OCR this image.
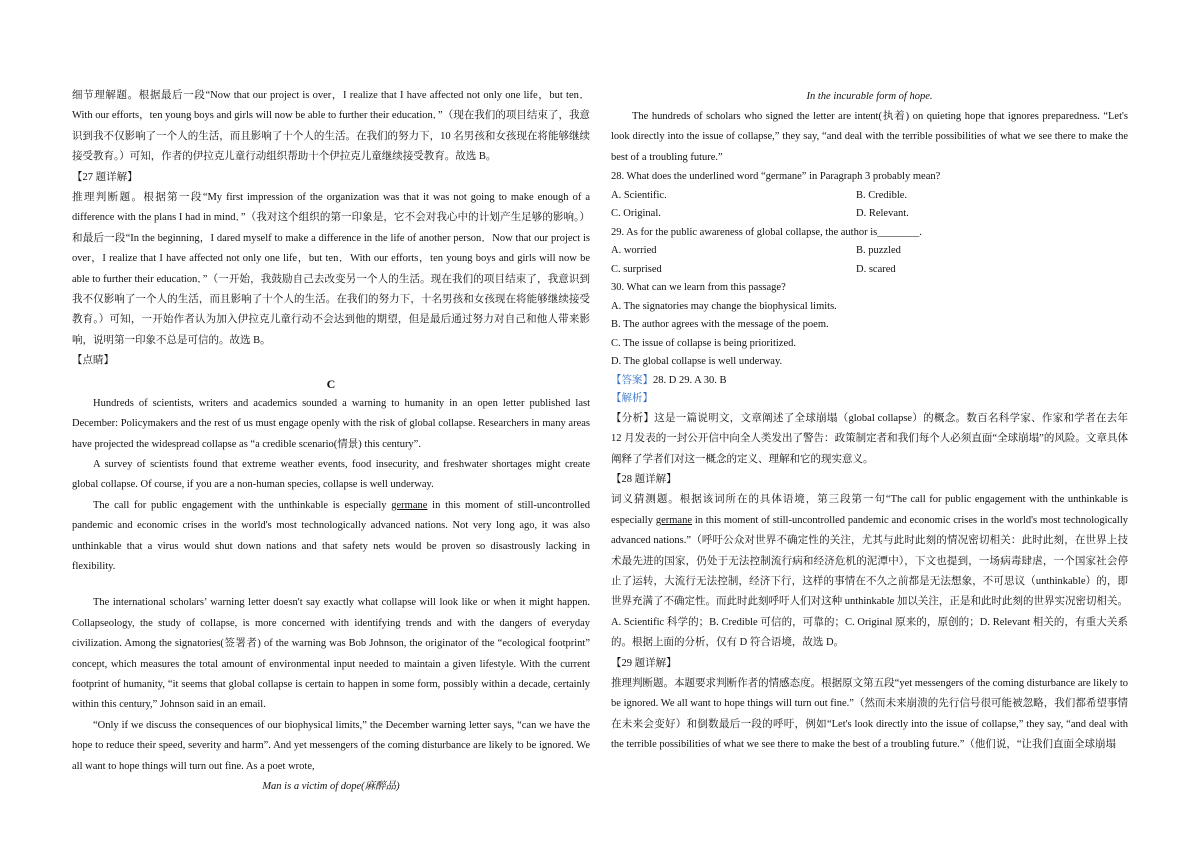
细节理解题。根据最后一段“Now that our project is over，I realize that I have affected not only one life，but ten．With our efforts，ten young boys and girls will now be able to further their education．”（现在我们的项目结束了，我意识到我不仅影响了一个人的生活，而且影响了十个人的生活。在我们的努力下，10 名男孩和女孩现在将能够继续接受教育。）可知，作者的伊拉克儿童行动组织帮助十个伊拉克儿童继续接受教育。故选 B。

【27 题详解】

推理判断题。根据第一段“My first impression of the organization was that it was not going to make enough of a difference with the plans I had in mind．”（我对这个组织的第一印象是，它不会对我心中的计划产生足够的影响。）和最后一段“In the beginning，I dared myself to make a difference in the life of another person．Now that our project is over，I realize that I have affected not only one life，but ten．With our efforts，ten young boys and girls will now be able to further their education．”（一开始，我鼓励自己去改变另一个人的生活。现在我们的项目结束了，我意识到我不仅影响了一个人的生活，而且影响了十个人的生活。在我们的努力下，十名男孩和女孩现在将能够继续接受教育。）可知，一开始作者认为加入伊拉克儿童行动不会达到他的期望，但是最后通过努力对自己和他人带来影响，说明第一印象不总是可信的。故选 B。

【点睛】

C

Hundreds of scientists, writers and academics sounded a warning to humanity in an open letter published last December: Policymakers and the rest of us must engage openly with the risk of global collapse. Researchers in many areas have projected the widespread collapse as “a credible scenario(情景) this century”.

A survey of scientists found that extreme weather events, food insecurity, and freshwater shortages might create global collapse. Of course, if you are a non-human species, collapse is well underway.

The call for public engagement with the unthinkable is especially germane in this moment of still-uncontrolled pandemic and economic crises in the world's most technologically advanced nations. Not very long ago, it was also unthinkable that a virus would shut down nations and that safety nets would be proven so disastrously lacking in flexibility.

The international scholars’ warning letter doesn't say exactly what collapse will look like or when it might happen. Collapseology, the study of collapse, is more concerned with identifying trends and with the dangers of everyday civilization. Among the signatories(签署者) of the warning was Bob Johnson, the originator of the “ecological footprint” concept, which measures the total amount of environmental input needed to maintain a given lifestyle. With the current footprint of humanity, “it seems that global collapse is certain to happen in some form, possibly within a decade, certainly within this century,” Johnson said in an email.

“Only if we discuss the consequences of our biophysical limits,” the December warning letter says, “can we have the hope to reduce their speed, severity and harm”. And yet messengers of the coming disturbance are likely to be ignored. We all want to hope things will turn out fine. As a poet wrote,

Man is a victim of dope(麻醉品)

In the incurable form of hope.

The hundreds of scholars who signed the letter are intent(执着) on quieting hope that ignores preparedness. “Let's look directly into the issue of collapse,” they say, “and deal with the terrible possibilities of what we see there to make the best of a troubling future.”

28. What does the underlined word “germane” in Paragraph 3 probably mean?

A. Scientific.	B. Credible.
C. Original.	D. Relevant.

29. As for the public awareness of global collapse, the author is________.

A. worried	B. puzzled
C. surprised	D. scared

30. What can we learn from this passage?

A. The signatories may change the biophysical limits.

B. The author agrees with the message of the poem.

C. The issue of collapse is being prioritized.

D. The global collapse is well underway.

【答案】28. D 29. A 30. B

【解析】

【分析】这是一篇说明文，文章阐述了全球崩塌（global collapse）的概念。数百名科学家、作家和学者在去年 12 月发表的一封公开信中向全人类发出了警告：政策制定者和我们每个人必须直面“全球崩塌”的风险。文章具体阐释了学者们对这一概念的定义、理解和它的现实意义。

【28 题详解】

词义猜测题。根据该词所在的具体语境，第三段第一句“The call for public engagement with the unthinkable is especially germane in this moment of still-uncontrolled pandemic and economic crises in the world's most technologically advanced nations.”（呼吁公众对世界不确定性的关注，尤其与此时此刻的情况密切相关：此时此刻，在世界上技术最先进的国家，仍处于无法控制流行病和经济危机的泥潭中），下文也提到，一场病毒肆虐，一个国家社会停止了运转，大流行无法控制，经济下行，这样的事情在不久之前都是无法想象，不可思议（unthinkable）的，即世界充满了不确定性。而此时此刻呼吁人们对这种 unthinkable 加以关注，正是和此时此刻的世界实况密切相关。A. Scientific 科学的；B. Credible 可信的，可靠的；C. Original 原来的，原创的；D. Relevant 相关的，有重大关系的。根据上面的分析，仅有 D 符合语境，故选 D。

【29 题详解】

推理判断题。本题要求判断作者的情感态度。根据原文第五段“yet messengers of the coming disturbance are likely to be ignored. We all want to hope things will turn out fine.”（然而未来崩溃的先行信号很可能被忽略，我们都希望事情在未来会变好）和倒数最后一段的呼吁，例如“Let's look directly into the issue of collapse,” they say, “and deal with the terrible possibilities of what we see there to make the best of a troubling future.”（他们说，“让我们直面全球崩塌
